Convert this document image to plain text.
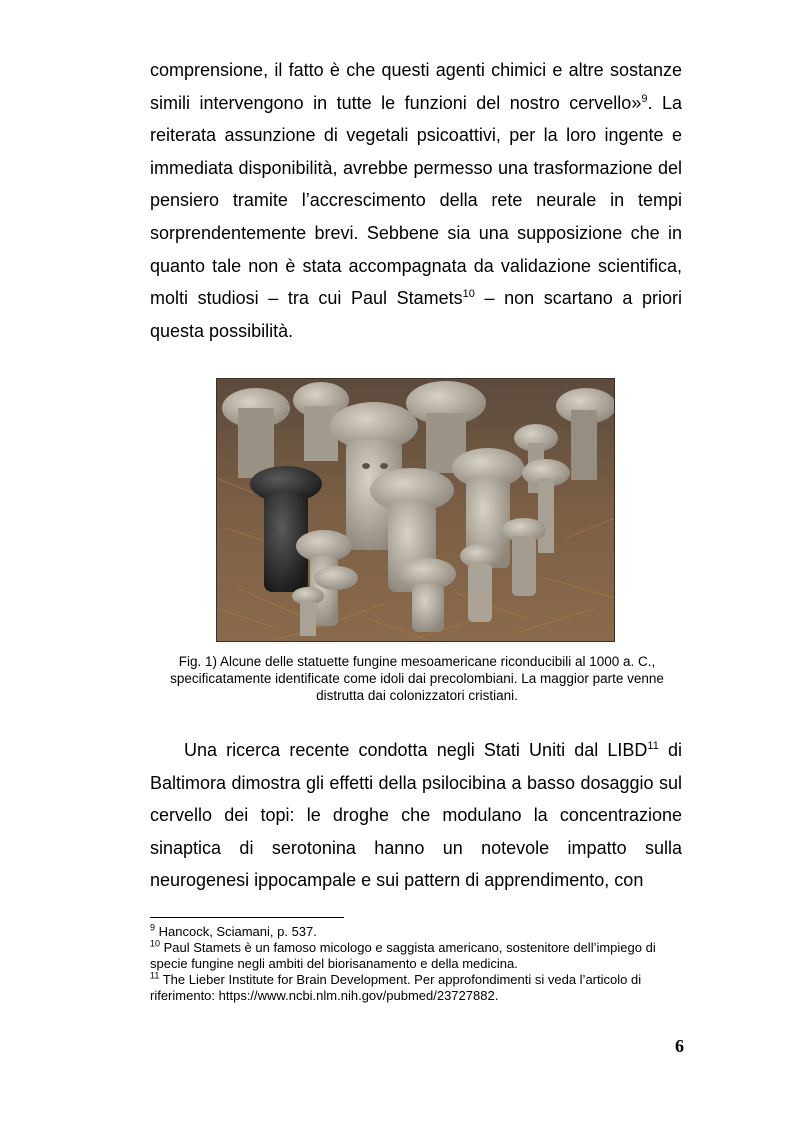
comprensione, il fatto è che questi agenti chimici e altre sostanze simili intervengono in tutte le funzioni del nostro cervello»$^9$. La reiterata assunzione di vegetali psicoattivi, per la loro ingente e immediata disponibilità, avrebbe permesso una trasformazione del pensiero tramite l’accrescimento della rete neurale in tempi sorprendentemente brevi. Sebbene sia una supposizione che in quanto tale non è stata accompagnata da validazione scientifica, molti studiosi – tra cui Paul Stamets$^{10}$ – non scartano a priori questa possibilità.

Fig. 1) Alcune delle statuette fungine mesoamericane riconducibili al 1000 a. C., specificatamente identificate come idoli dai precolombiani. La maggior parte venne distrutta dai colonizzatori cristiani.

Una ricerca recente condotta negli Stati Uniti dal LIBD$^{11}$ di Baltimora dimostra gli effetti della psilocibina a basso dosaggio sul cervello dei topi: le droghe che modulano la concentrazione sinaptica di serotonina hanno un notevole impatto sulla neurogenesi ippocampale e sui pattern di apprendimento, con

$^9$ Hancock, Sciamani, p. 537.

$^{10}$ Paul Stamets è un famoso micologo e saggista americano, sostenitore dell’impiego di specie fungine negli ambiti del biorisanamento e della medicina.

$^{11}$ The Lieber Institute for Brain Development. Per approfondimenti si veda l’articolo di riferimento: https://www.ncbi.nlm.nih.gov/pubmed/23727882.

6
